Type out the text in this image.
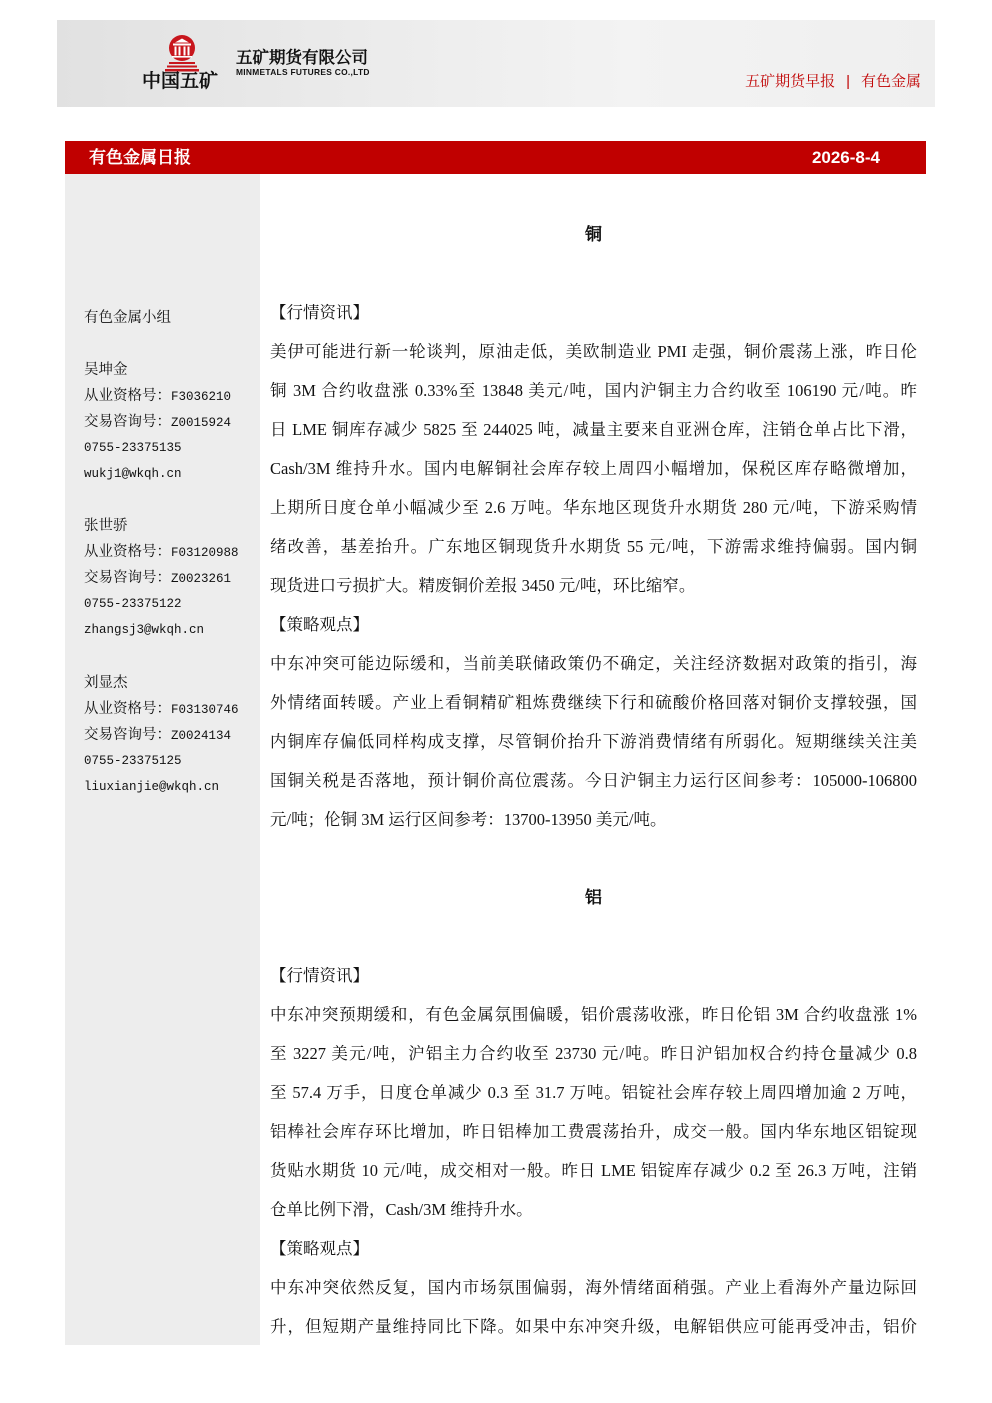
中国五矿
五矿期货有限公司
MINMETALS FUTURES CO.,LTD
五矿期货早报 | 有色金属
有色金属日报	2026-8-4
有色金属小组
吴坤金
从业资格号：F3036210
交易咨询号：Z0015924
0755-23375135
wukj1@wkqh.cn
张世骄
从业资格号：F03120988
交易咨询号：Z0023261
0755-23375122
zhangsj3@wkqh.cn
刘显杰
从业资格号：F03130746
交易咨询号：Z0024134
0755-23375125
liuxianjie@wkqh.cn
铜
【行情资讯】
美伊可能进行新一轮谈判，原油走低，美欧制造业 PMI 走强，铜价震荡上涨，昨日伦
铜 3M 合约收盘涨 0.33%至 13848 美元/吨，国内沪铜主力合约收至 106190 元/吨。昨
日 LME 铜库存减少 5825 至 244025 吨，减量主要来自亚洲仓库，注销仓单占比下滑，
Cash/3M 维持升水。国内电解铜社会库存较上周四小幅增加，保税区库存略微增加，
上期所日度仓单小幅减少至 2.6 万吨。华东地区现货升水期货 280 元/吨，下游采购情
绪改善，基差抬升。广东地区铜现货升水期货 55 元/吨，下游需求维持偏弱。国内铜
现货进口亏损扩大。精废铜价差报 3450 元/吨，环比缩窄。
【策略观点】
中东冲突可能边际缓和，当前美联储政策仍不确定，关注经济数据对政策的指引，海
外情绪面转暖。产业上看铜精矿粗炼费继续下行和硫酸价格回落对铜价支撑较强，国
内铜库存偏低同样构成支撑，尽管铜价抬升下游消费情绪有所弱化。短期继续关注美
国铜关税是否落地，预计铜价高位震荡。今日沪铜主力运行区间参考：105000-106800
元/吨；伦铜 3M 运行区间参考：13700-13950 美元/吨。
铝
【行情资讯】
中东冲突预期缓和，有色金属氛围偏暖，铝价震荡收涨，昨日伦铝 3M 合约收盘涨 1%
至 3227 美元/吨，沪铝主力合约收至 23730 元/吨。昨日沪铝加权合约持仓量减少 0.8
至 57.4 万手，日度仓单减少 0.3 至 31.7 万吨。铝锭社会库存较上周四增加逾 2 万吨，
铝棒社会库存环比增加，昨日铝棒加工费震荡抬升，成交一般。国内华东地区铝锭现
货贴水期货 10 元/吨，成交相对一般。昨日 LME 铝锭库存减少 0.2 至 26.3 万吨，注销
仓单比例下滑，Cash/3M 维持升水。
【策略观点】
中东冲突依然反复，国内市场氛围偏弱，海外情绪面稍强。产业上看海外产量边际回
升，但短期产量维持同比下降。如果中东冲突升级，电解铝供应可能再受冲击，铝价
